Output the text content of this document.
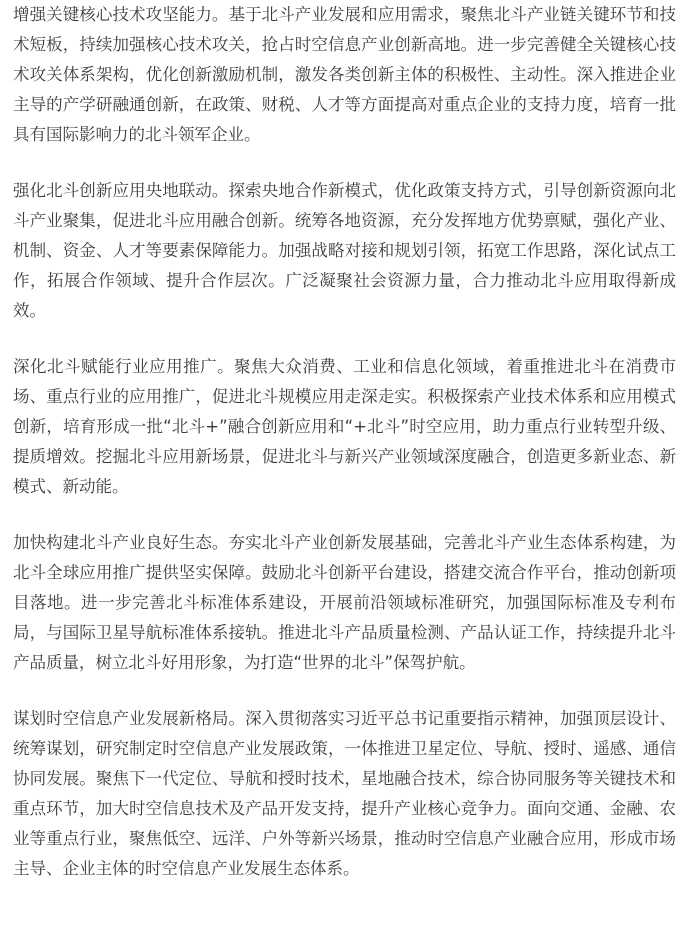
增强关键核心技术攻坚能力。基于北斗产业发展和应用需求，聚焦北斗产业链关键环节和技术短板，持续加强核心技术攻关，抢占时空信息产业创新高地。进一步完善健全关键核心技术攻关体系架构，优化创新激励机制，激发各类创新主体的积极性、主动性。深入推进企业主导的产学研融通创新，在政策、财税、人才等方面提高对重点企业的支持力度，培育一批具有国际影响力的北斗领军企业。

强化北斗创新应用央地联动。探索央地合作新模式，优化政策支持方式，引导创新资源向北斗产业聚集，促进北斗应用融合创新。统筹各地资源，充分发挥地方优势禀赋，强化产业、机制、资金、人才等要素保障能力。加强战略对接和规划引领，拓宽工作思路，深化试点工作，拓展合作领域、提升合作层次。广泛凝聚社会资源力量，合力推动北斗应用取得新成效。

深化北斗赋能行业应用推广。聚焦大众消费、工业和信息化领域，着重推进北斗在消费市场、重点行业的应用推广，促进北斗规模应用走深走实。积极探索产业技术体系和应用模式创新，培育形成一批“北斗+”融合创新应用和“+北斗”时空应用，助力重点行业转型升级、提质增效。挖掘北斗应用新场景，促进北斗与新兴产业领域深度融合，创造更多新业态、新模式、新动能。

加快构建北斗产业良好生态。夯实北斗产业创新发展基础，完善北斗产业生态体系构建，为北斗全球应用推广提供坚实保障。鼓励北斗创新平台建设，搭建交流合作平台，推动创新项目落地。进一步完善北斗标准体系建设，开展前沿领域标准研究，加强国际标准及专利布局，与国际卫星导航标准体系接轨。推进北斗产品质量检测、产品认证工作，持续提升北斗产品质量，树立北斗好用形象，为打造“世界的北斗”保驾护航。

谋划时空信息产业发展新格局。深入贯彻落实习近平总书记重要指示精神，加强顶层设计、统筹谋划，研究制定时空信息产业发展政策，一体推进卫星定位、导航、授时、遥感、通信协同发展。聚焦下一代定位、导航和授时技术，星地融合技术，综合协同服务等关键技术和重点环节，加大时空信息技术及产品开发支持，提升产业核心竞争力。面向交通、金融、农业等重点行业，聚焦低空、远洋、户外等新兴场景，推动时空信息产业融合应用，形成市场主导、企业主体的时空信息产业发展生态体系。
